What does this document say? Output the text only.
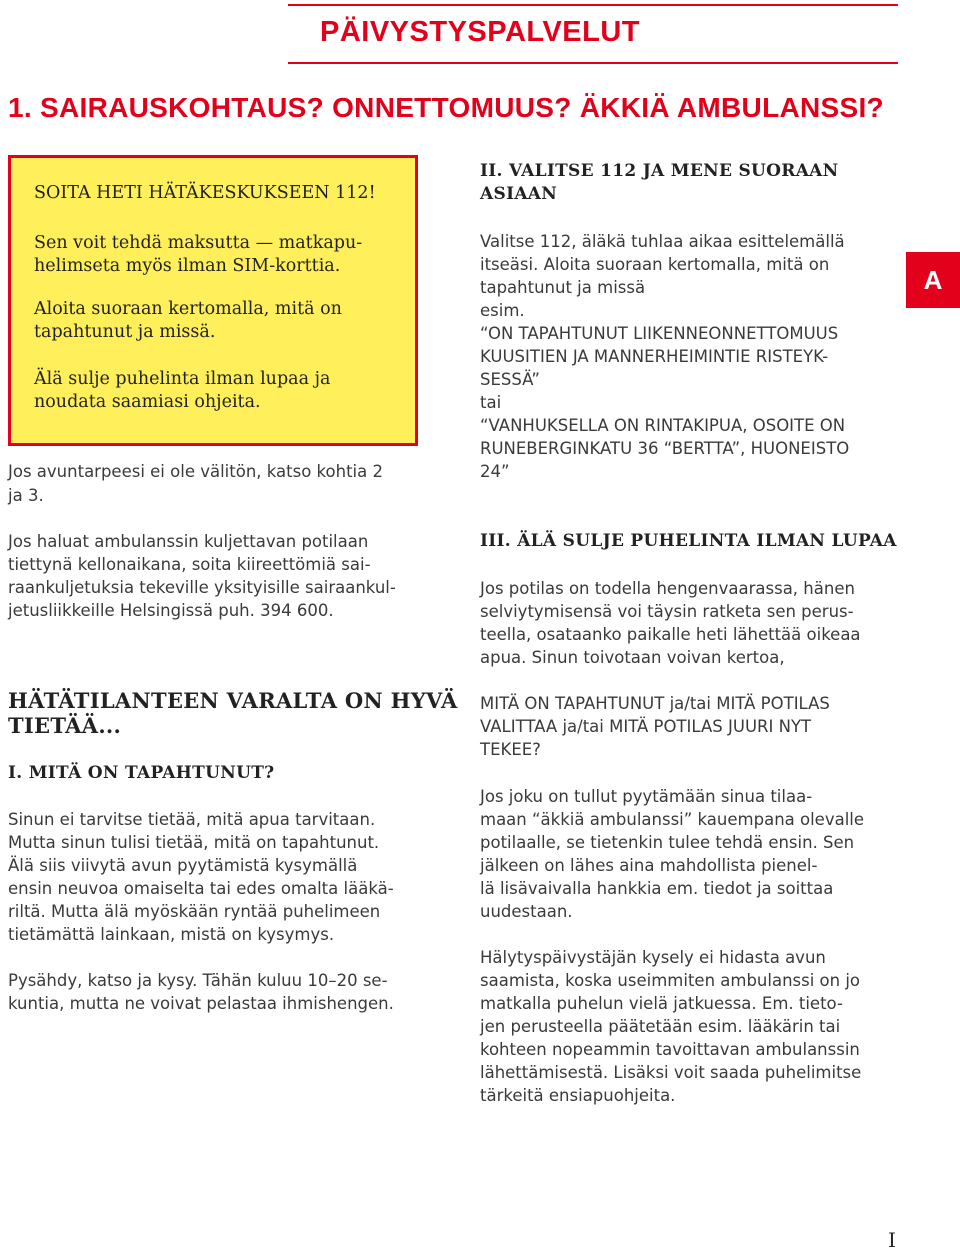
PÄIVYSTYSPALVELUT
1. SAIRAUSKOHTAUS? ONNETTOMUUS? ÄKKIÄ AMBULANSSI?

SOITA HETI HÄTÄKESKUKSEEN 112!

Sen voit tehdä maksutta — matkapu-

helimseta myös ilman SIM-korttia.

Aloita suoraan kertomalla, mitä on

tapahtunut ja missä.

Älä sulje puhelinta ilman lupaa ja

noudata saamiasi ohjeita.

Jos avuntarpeesi ei ole välitön, katso kohtia 2

ja 3.

Jos haluat ambulanssin kuljettavan potilaan

tiettynä kellonaikana, soita kiireettömiä sai-

raankuljetuksia tekeville yksityisille sairaankul-

jetusliikkeille Helsingissä puh. 394 600.

HÄTÄTILANTEEN VARALTA ON HYVÄ

TIETÄÄ...

I. MITÄ ON TAPAHTUNUT?

Sinun ei tarvitse tietää, mitä apua tarvitaan.

Mutta sinun tulisi tietää, mitä on tapahtunut.

Älä siis viivytä avun pyytämistä kysymällä

ensin neuvoa omaiselta tai edes omalta lääkä-

riltä. Mutta älä myöskään ryntää puhelimeen

tietämättä lainkaan, mistä on kysymys.

Pysähdy, katso ja kysy. Tähän kuluu 10–20 se-

kuntia, mutta ne voivat pelastaa ihmishengen.

II. VALITSE 112 JA MENE SUORAAN

ASIAAN

Valitse 112, äläkä tuhlaa aikaa esittelemällä

itseäsi. Aloita suoraan kertomalla, mitä on

tapahtunut ja missä

esim.

“ON TAPAHTUNUT LIIKENNEONNETTOMUUS

KUUSITIEN JA MANNERHEIMINTIE RISTEYK-

SESSÄ”

tai

“VANHUKSELLA ON RINTAKIPUA, OSOITE ON

RUNEBERGINKATU 36 “BERTTA”, HUONEISTO

24”

III. ÄLÄ SULJE PUHELINTA ILMAN LUPAA

Jos potilas on todella hengenvaarassa, hänen

selviytymisensä voi täysin ratketa sen perus-

teella, osataanko paikalle heti lähettää oikeaa

apua. Sinun toivotaan voivan kertoa,

MITÄ ON TAPAHTUNUT ja/tai MITÄ POTILAS

VALITTAA ja/tai MITÄ POTILAS JUURI NYT

TEKEE?

Jos joku on tullut pyytämään sinua tilaa-

maan “äkkiä ambulanssi” kauempana olevalle

potilaalle, se tietenkin tulee tehdä ensin. Sen

jälkeen on lähes aina mahdollista pienel-

lä lisävaivalla hankkia em. tiedot ja soittaa

uudestaan.

Hälytyspäivystäjän kysely ei hidasta avun

saamista, koska useimmiten ambulanssi on jo

matkalla puhelun vielä jatkuessa. Em. tieto-

jen perusteella päätetään esim. lääkärin tai

kohteen nopeammin tavoittavan ambulanssin

lähettämisestä. Lisäksi voit saada puhelimitse

tärkeitä ensiapuohjeita.

A
I
